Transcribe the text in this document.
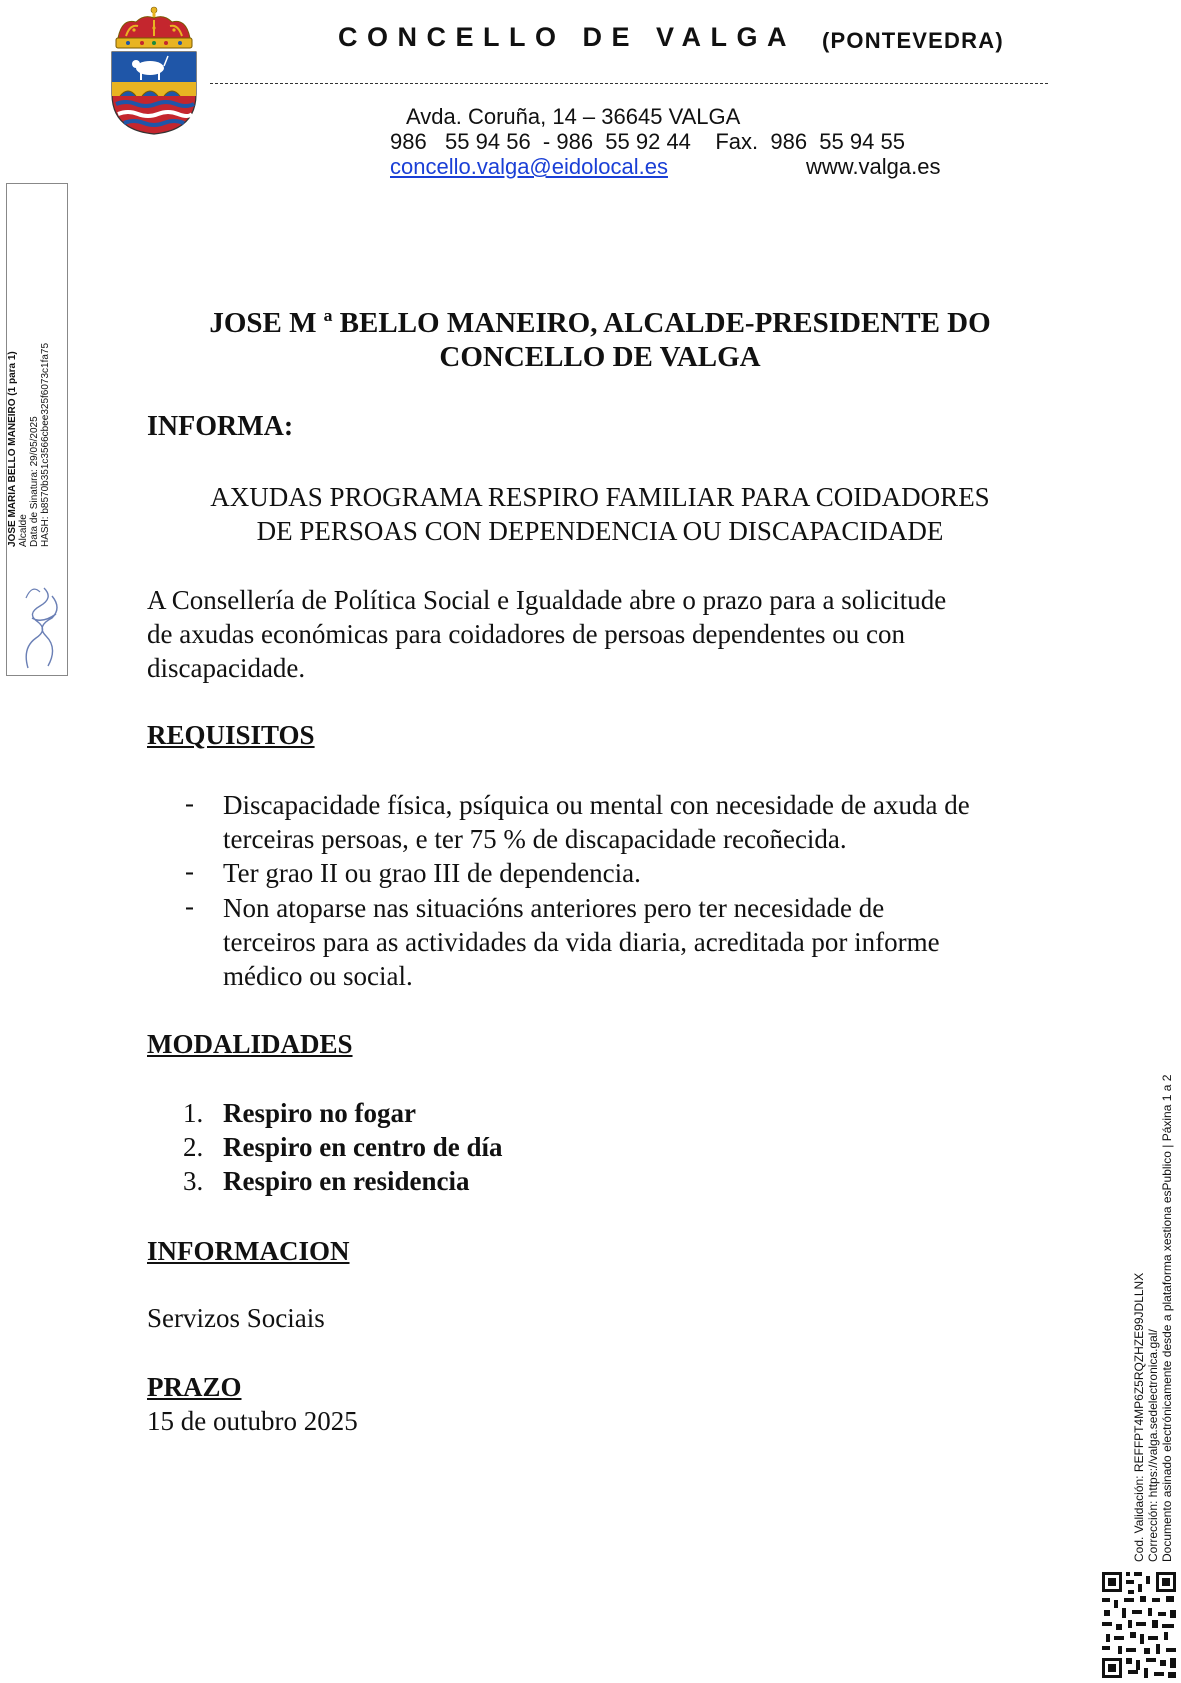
CONCELLO DE VALGA (PONTEVEDRA)
Avda. Coruña, 14 – 36645 VALGA
986   55 94 56  - 986  55 92 44    Fax.  986  55 94 55
concello.valga@eidolocal.es	www.valga.es
JOSE MARIA BELLO MANEIRO (1 para 1) Alcalde Data de Sinatura: 29/05/2025 HASH: b8570b351c3566cbee325f6073c1fa75
JOSE M ª BELLO MANEIRO, ALCALDE-PRESIDENTE DO
CONCELLO DE VALGA
INFORMA:
AXUDAS PROGRAMA RESPIRO FAMILIAR PARA COIDADORES
DE PERSOAS CON DEPENDENCIA OU DISCAPACIDADE
A Consellería de Política Social e Igualdade abre o prazo para a solicitude
de axudas económicas para coidadores de persoas dependentes ou con
discapacidade.
REQUISITOS
- Discapacidade física, psíquica ou mental con necesidade de axuda de
terceiras persoas, e ter 75 % de discapacidade recoñecida.
- Ter grao II ou grao III de dependencia.
- Non atoparse nas situacións anteriores pero ter necesidade de
terceiros para as actividades da vida diaria, acreditada por informe
médico ou social.
MODALIDADES
1. Respiro no fogar
2. Respiro en centro de día
3. Respiro en residencia
INFORMACION
Servizos Sociais
PRAZO
15 de outubro 2025	Cod. Validación: REFFPT4MP6Z5RQZHZE99JDLLNX Corrección: https://valga.sedelectronica.gal/ Documento asinado electrónicamente desde a plataforma xestiona esPublico | Páxina 1 a 2
